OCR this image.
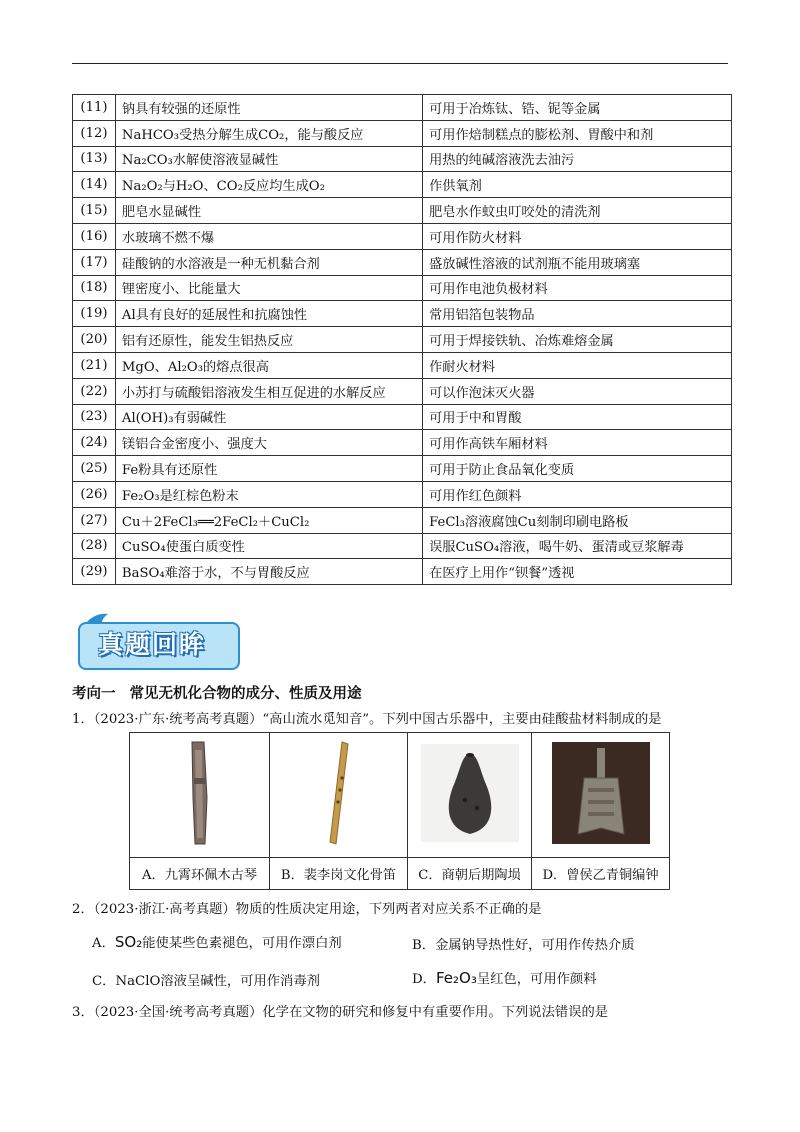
(11)	钠具有较强的还原性	可用于冶炼钛、锆、铌等金属
(12)	NaHCO₃受热分解生成CO₂，能与酸反应	可用作焙制糕点的膨松剂、胃酸中和剂
(13)	Na₂CO₃水解使溶液显碱性	用热的纯碱溶液洗去油污
(14)	Na₂O₂与H₂O、CO₂反应均生成O₂	作供氧剂
(15)	肥皂水显碱性	肥皂水作蚊虫叮咬处的清洗剂
(16)	水玻璃不燃不爆	可用作防火材料
(17)	硅酸钠的水溶液是一种无机黏合剂	盛放碱性溶液的试剂瓶不能用玻璃塞
(18)	锂密度小、比能量大	可用作电池负极材料
(19)	Al具有良好的延展性和抗腐蚀性	常用铝箔包装物品
(20)	铝有还原性，能发生铝热反应	可用于焊接铁轨、冶炼难熔金属
(21)	MgO、Al₂O₃的熔点很高	作耐火材料
(22)	小苏打与硫酸铝溶液发生相互促进的水解反应	可以作泡沫灭火器
(23)	Al(OH)₃有弱碱性	可用于中和胃酸
(24)	镁铝合金密度小、强度大	可用作高铁车厢材料
(25)	Fe粉具有还原性	可用于防止食品氧化变质
(26)	Fe₂O₃是红棕色粉末	可用作红色颜料
(27)	Cu＋2FeCl₃══2FeCl₂＋CuCl₂	FeCl₃溶液腐蚀Cu刻制印刷电路板
(28)	CuSO₄使蛋白质变性	误服CuSO₄溶液，喝牛奶、蛋清或豆浆解毒
(29)	BaSO₄难溶于水，不与胃酸反应	在医疗上用作“钡餐”透视
真题回眸
考向一 常见无机化合物的成分、性质及用途
1．（2023·广东·统考高考真题）“高山流水觅知音”。下列中国古乐器中，主要由硅酸盐材料制成的是

A．九霄环佩木古琴	B．裴李岗文化骨笛	C．商朝后期陶埙	D．曾侯乙青铜编钟
2．（2023·浙江·高考真题）物质的性质决定用途，下列两者对应关系不正确的是
A．SO₂能使某些色素褪色，可用作漂白剂	B．金属钠导热性好，可用作传热介质
C．NaClO溶液呈碱性，可用作消毒剂	D．Fe₂O₃呈红色，可用作颜料
3．（2023·全国·统考高考真题）化学在文物的研究和修复中有重要作用。下列说法错误的是
